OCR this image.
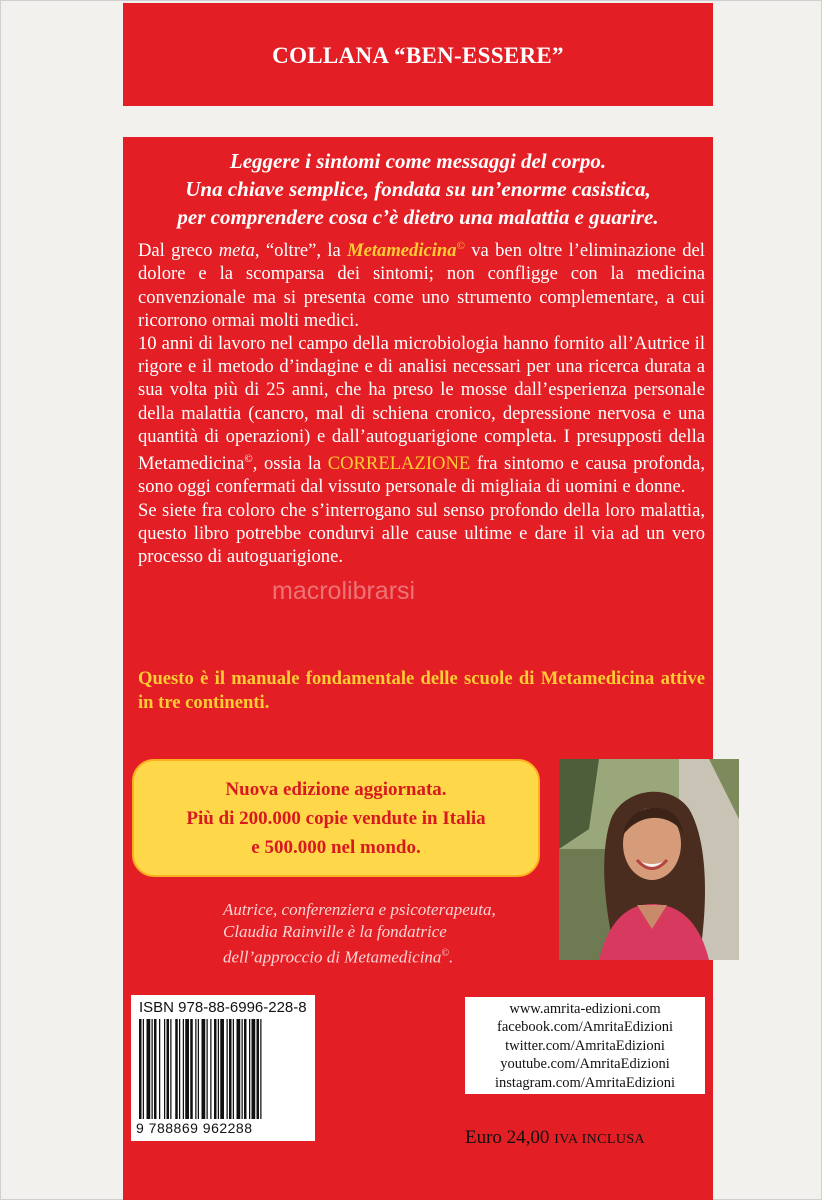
COLLANA “BEN-ESSERE”
Leggere i sintomi come messaggi del corpo.
Una chiave semplice, fondata su un’enorme casistica,
per comprendere cosa c’è dietro una malattia e guarire.

Dal greco meta, “oltre”, la Metamedicina© va ben oltre l’eliminazione del dolore e la scomparsa dei sintomi; non confligge con la medicina convenzionale ma si presenta come uno strumento complementare, a cui ricorrono ormai molti medici.

10 anni di lavoro nel campo della microbiologia hanno fornito all’Autrice il rigore e il metodo d’indagine e di analisi necessari per una ricerca durata a sua volta più di 25 anni, che ha preso le mosse dall’esperienza personale della malattia (cancro, mal di schiena cronico, depressione nervosa e una quantità di operazioni) e dall’autoguarigione completa. I presupposti della Metamedicina©, ossia la CORRELAZIONE fra sintomo e causa profonda, sono oggi confermati dal vissuto personale di migliaia di uomini e donne.

Se siete fra coloro che s’interrogano sul senso profondo della loro malattia, questo libro potrebbe condurvi alle cause ultime e dare il via ad un vero processo di autoguarigione.

Questo è il manuale fondamentale delle scuole di Metamedicina attive in tre continenti.
Nuova edizione aggiornata.
Più di 200.000 copie vendute in Italia
e 500.000 nel mondo.
Autrice, conferenziera e psicoterapeuta, Claudia Rainville è la fondatrice dell’approccio di Metamedicina©.
macrolibrarsi
ISBN 978-88-6996-228-8
9 788869 962288
www.amrita-edizioni.com
facebook.com/AmritaEdizioni
twitter.com/AmritaEdizioni
youtube.com/AmritaEdizioni
instagram.com/AmritaEdizioni
Euro 24,00 IVA INCLUSA
